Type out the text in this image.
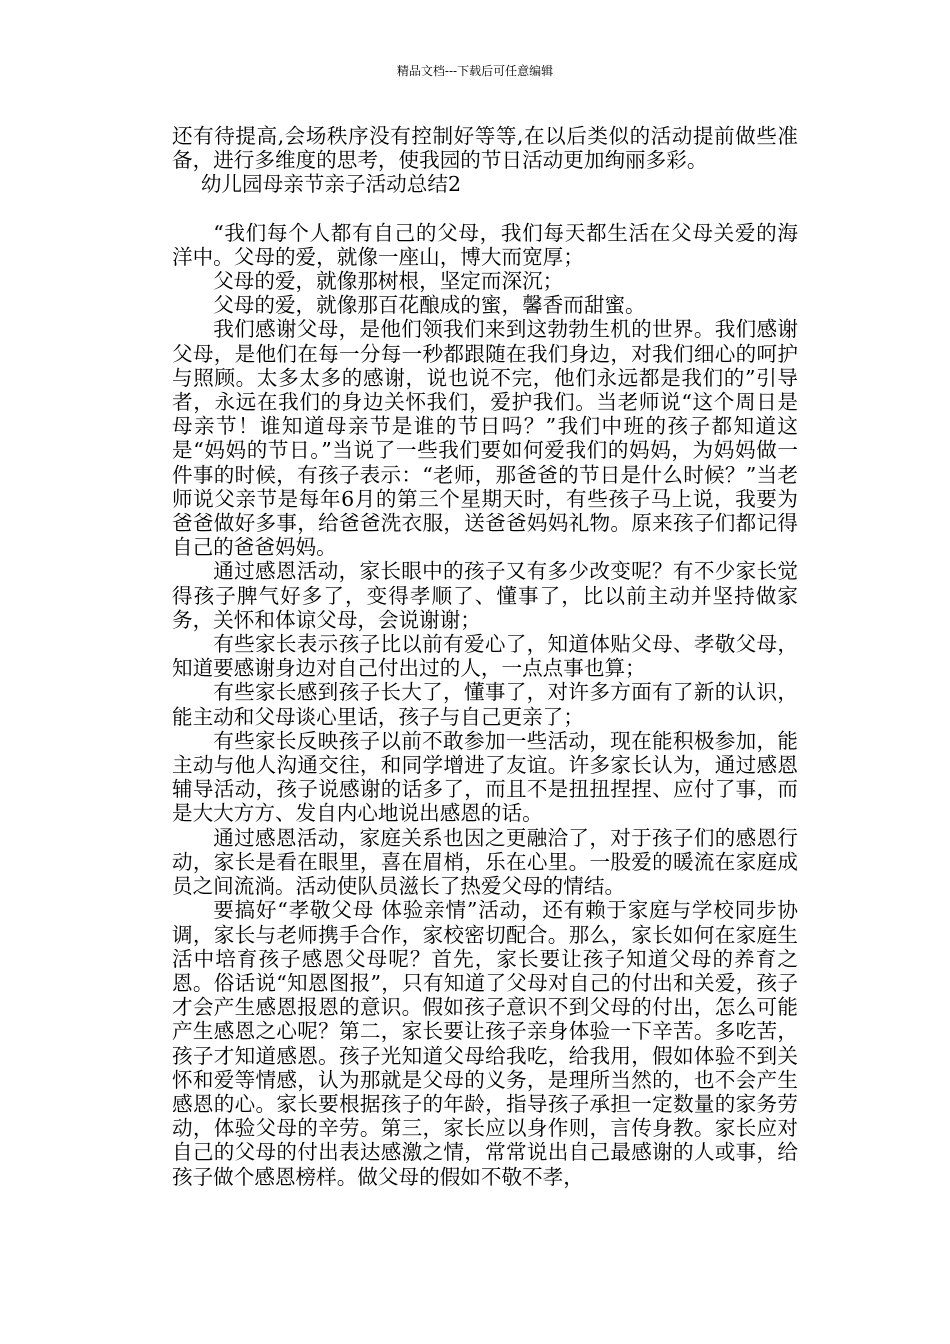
精品文档---下载后可任意编辑

还有待提高,会场秩序没有控制好等等,在以后类似的活动提前做些准备，进行多维度的思考，使我园的节日活动更加绚丽多彩。

幼儿园母亲节亲子活动总结2

“我们每个人都有自己的父母，我们每天都生活在父母关爱的海洋中。父母的爱，就像一座山，博大而宽厚；

父母的爱，就像那树根，坚定而深沉；

父母的爱，就像那百花酿成的蜜，馨香而甜蜜。

我们感谢父母，是他们领我们来到这勃勃生机的世界。我们感谢父母，是他们在每一分每一秒都跟随在我们身边，对我们细心的呵护与照顾。太多太多的感谢，说也说不完，他们永远都是我们的”引导者，永远在我们的身边关怀我们，爱护我们。当老师说“这个周日是母亲节！谁知道母亲节是谁的节日吗？”我们中班的孩子都知道这是“妈妈的节日。”当说了一些我们要如何爱我们的妈妈，为妈妈做一件事的时候，有孩子表示：“老师，那爸爸的节日是什么时候？”当老师说父亲节是每年6月的第三个星期天时，有些孩子马上说，我要为爸爸做好多事，给爸爸洗衣服，送爸爸妈妈礼物。原来孩子们都记得自己的爸爸妈妈。

通过感恩活动，家长眼中的孩子又有多少改变呢？有不少家长觉得孩子脾气好多了，变得孝顺了、懂事了，比以前主动并坚持做家务，关怀和体谅父母，会说谢谢；

有些家长表示孩子比以前有爱心了，知道体贴父母、孝敬父母，知道要感谢身边对自己付出过的人，一点点事也算；

有些家长感到孩子长大了，懂事了，对许多方面有了新的认识，能主动和父母谈心里话，孩子与自己更亲了；

有些家长反映孩子以前不敢参加一些活动，现在能积极参加，能主动与他人沟通交往，和同学增进了友谊。许多家长认为，通过感恩辅导活动，孩子说感谢的话多了，而且不是扭扭捏捏、应付了事，而是大大方方、发自内心地说出感恩的话。

通过感恩活动，家庭关系也因之更融洽了，对于孩子们的感恩行动，家长是看在眼里，喜在眉梢，乐在心里。一股爱的暖流在家庭成员之间流淌。活动使队员滋长了热爱父母的情结。

要搞好“孝敬父母 体验亲情”活动，还有赖于家庭与学校同步协调，家长与老师携手合作，家校密切配合。那么，家长如何在家庭生活中培育孩子感恩父母呢？首先，家长要让孩子知道父母的养育之恩。俗话说“知恩图报”，只有知道了父母对自己的付出和关爱，孩子才会产生感恩报恩的意识。假如孩子意识不到父母的付出，怎么可能产生感恩之心呢？第二，家长要让孩子亲身体验一下辛苦。多吃苦，孩子才知道感恩。孩子光知道父母给我吃，给我用，假如体验不到关怀和爱等情感，认为那就是父母的义务，是理所当然的，也不会产生感恩的心。家长要根据孩子的年龄，指导孩子承担一定数量的家务劳动，体验父母的辛劳。第三，家长应以身作则，言传身教。家长应对自己的父母的付出表达感激之情，常常说出自己最感谢的人或事，给孩子做个感恩榜样。做父母的假如不敬不孝，
